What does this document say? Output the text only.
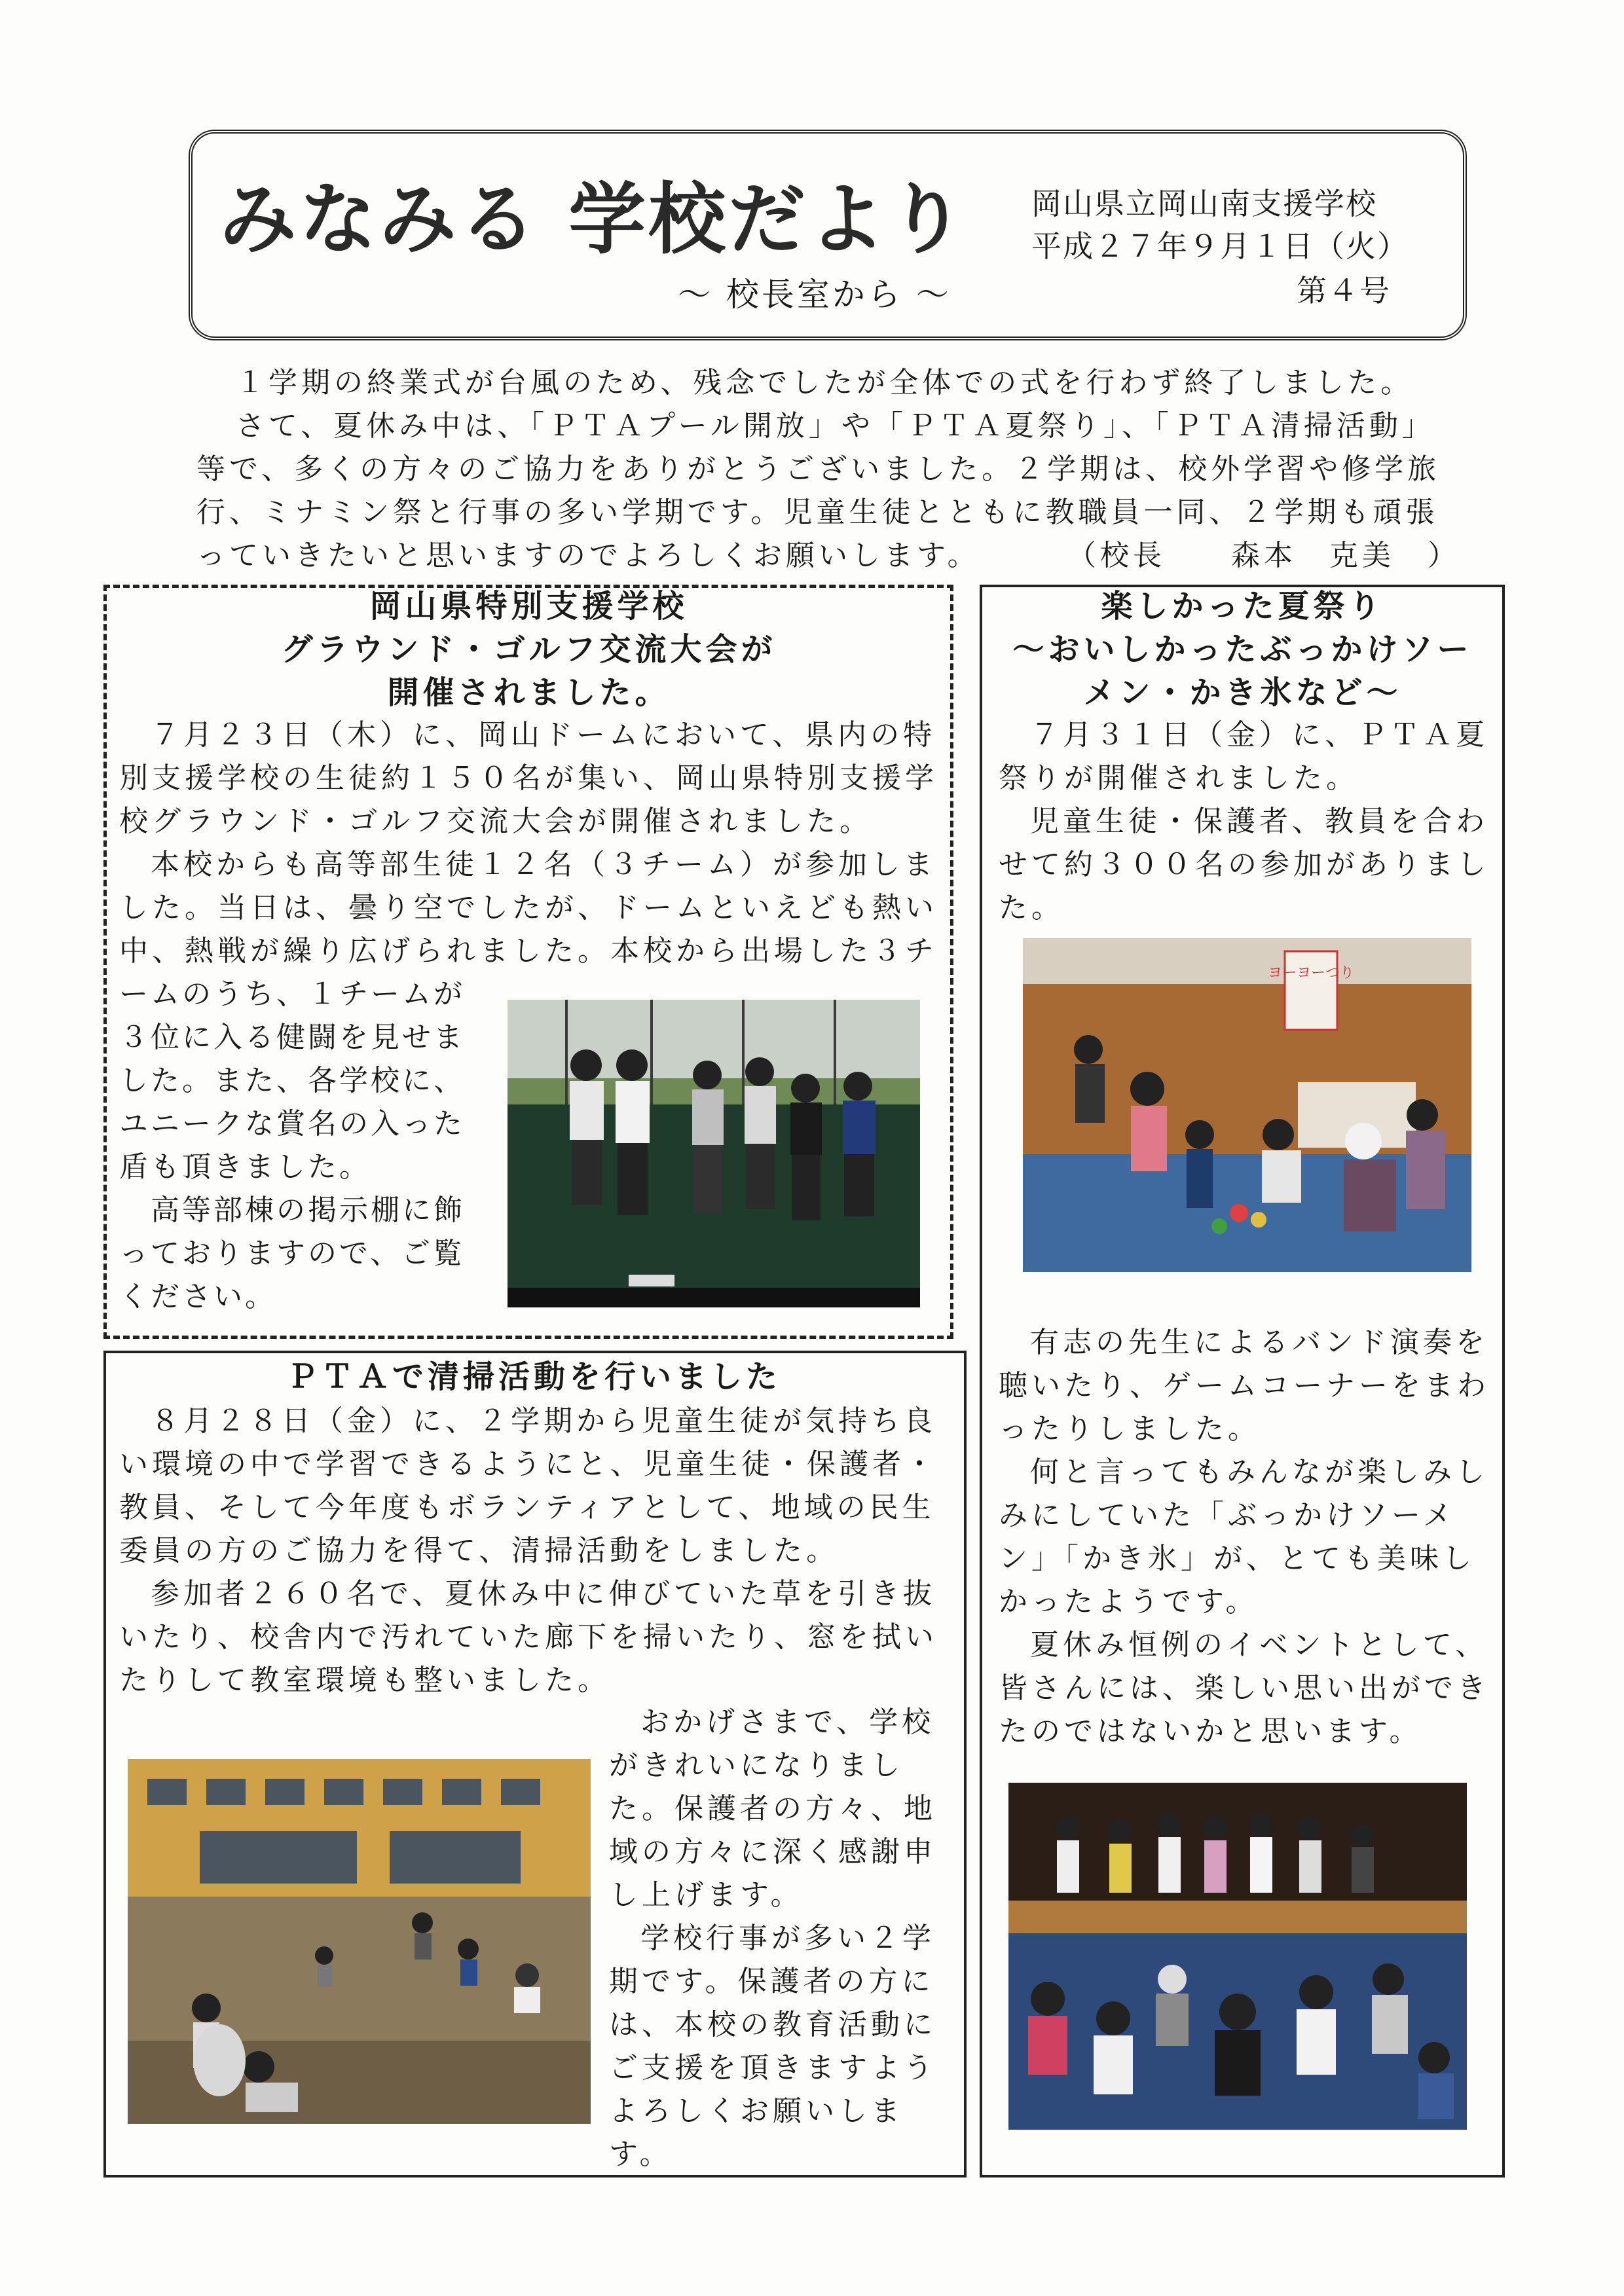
みなみる 学校だより
～ 校長室から ～
岡山県立岡山南支援学校
平成２７年９月１日（火）
第４号

１学期の終業式が台風のため、残念でしたが全体での式を行わず終了しました。

さて、夏休み中は、「ＰＴＡプール開放」や「ＰＴＡ夏祭り」、「ＰＴＡ清掃活動」等で、多くの方々のご協力をありがとうございました。２学期は、校外学習や修学旅行、ミナミン祭と行事の多い学期です。児童生徒とともに教職員一同、２学期も頑張っていきたいと思いますのでよろしくお願いします。	（校長　　森本　克美　）

岡山県特別支援学校

グラウンド・ゴルフ交流大会が

開催されました。

７月２３日（木）に、岡山ドームにおいて、県内の特別支援学校の生徒約１５０名が集い、岡山県特別支援学校グラウンド・ゴルフ交流大会が開催されました。

本校からも高等部生徒１２名（３チーム）が参加しました。当日は、曇り空でしたが、ドームといえども熱い中、熱戦が繰り広げられました。本校から出場した３チ

ームのうち、１チームが３位に入る健闘を見せました。また、各学校に、ユニークな賞名の入った盾も頂きました。

高等部棟の掲示棚に飾っておりますので、ご覧ください。

ＰＴＡで清掃活動を行いました

８月２８日（金）に、２学期から児童生徒が気持ち良い環境の中で学習できるようにと、児童生徒・保護者・教員、そして今年度もボランティアとして、地域の民生委員の方のご協力を得て、清掃活動をしました。

参加者２６０名で、夏休み中に伸びていた草を引き抜いたり、校舎内で汚れていた廊下を掃いたり、窓を拭いたりして教室環境も整いました。

おかげさまで、学校がきれいになりました。保護者の方々、地域の方々に深く感謝申し上げます。

学校行事が多い２学期です。保護者の方には、本校の教育活動にご支援を頂きますようよろしくお願いします。

楽しかった夏祭り

～おいしかったぶっかけソー

メン・かき氷など～

７月３１日（金）に、ＰＴＡ夏祭りが開催されました。

児童生徒・保護者、教員を合わせて約３００名の参加がありました。

ヨーヨーつり

有志の先生によるバンド演奏を聴いたり、ゲームコーナーをまわったりしました。

何と言ってもみんなが楽しみしみにしていた「ぶっかけソーメン」「かき氷」が、とても美味しかったようです。

夏休み恒例のイベントとして、皆さんには、楽しい思い出ができたのではないかと思います。
